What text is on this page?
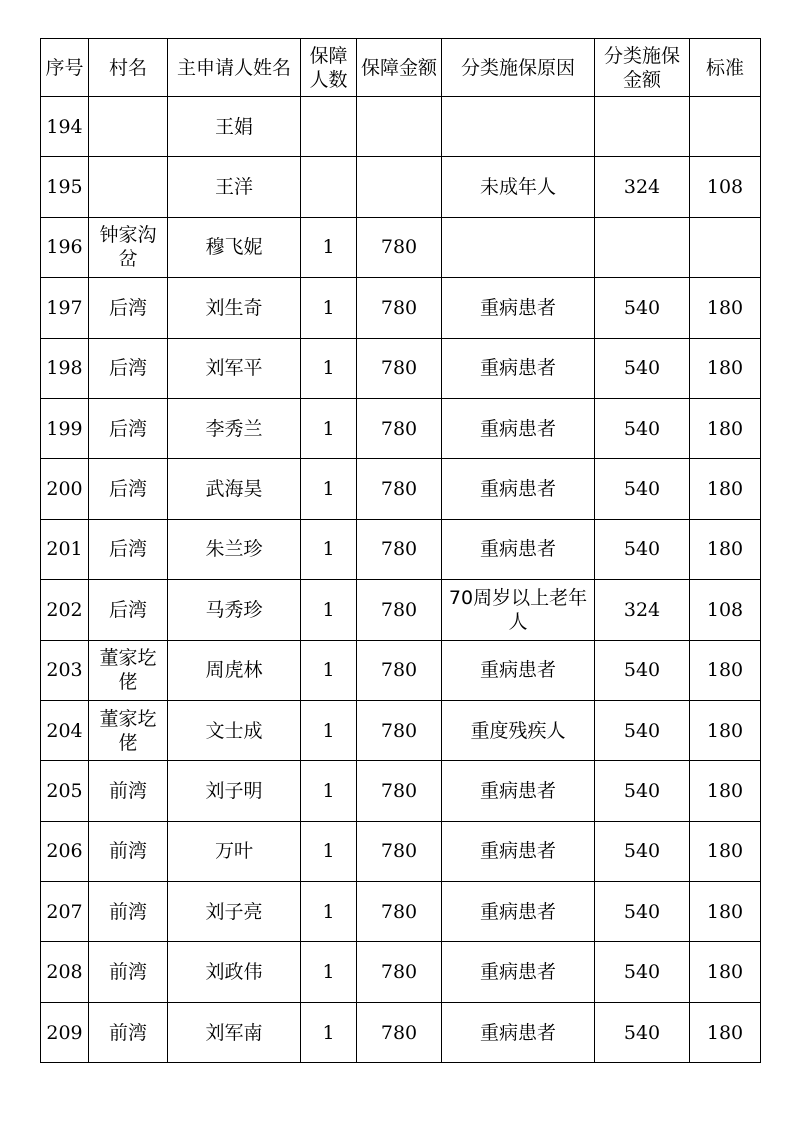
序号	村名	主申请人姓名	保障人数	保障金额	分类施保原因	分类施保金额	标准
194		王娟					
195		王洋			未成年人	324	108
196	钟家沟岔	穆飞妮	1	780			
197	后湾	刘生奇	1	780	重病患者	540	180
198	后湾	刘军平	1	780	重病患者	540	180
199	后湾	李秀兰	1	780	重病患者	540	180
200	后湾	武海昊	1	780	重病患者	540	180
201	后湾	朱兰珍	1	780	重病患者	540	180
202	后湾	马秀珍	1	780	70周岁以上老年人	324	108
203	董家圪佬	周虎林	1	780	重病患者	540	180
204	董家圪佬	文士成	1	780	重度残疾人	540	180
205	前湾	刘子明	1	780	重病患者	540	180
206	前湾	万叶	1	780	重病患者	540	180
207	前湾	刘子亮	1	780	重病患者	540	180
208	前湾	刘政伟	1	780	重病患者	540	180
209	前湾	刘军南	1	780	重病患者	540	180
